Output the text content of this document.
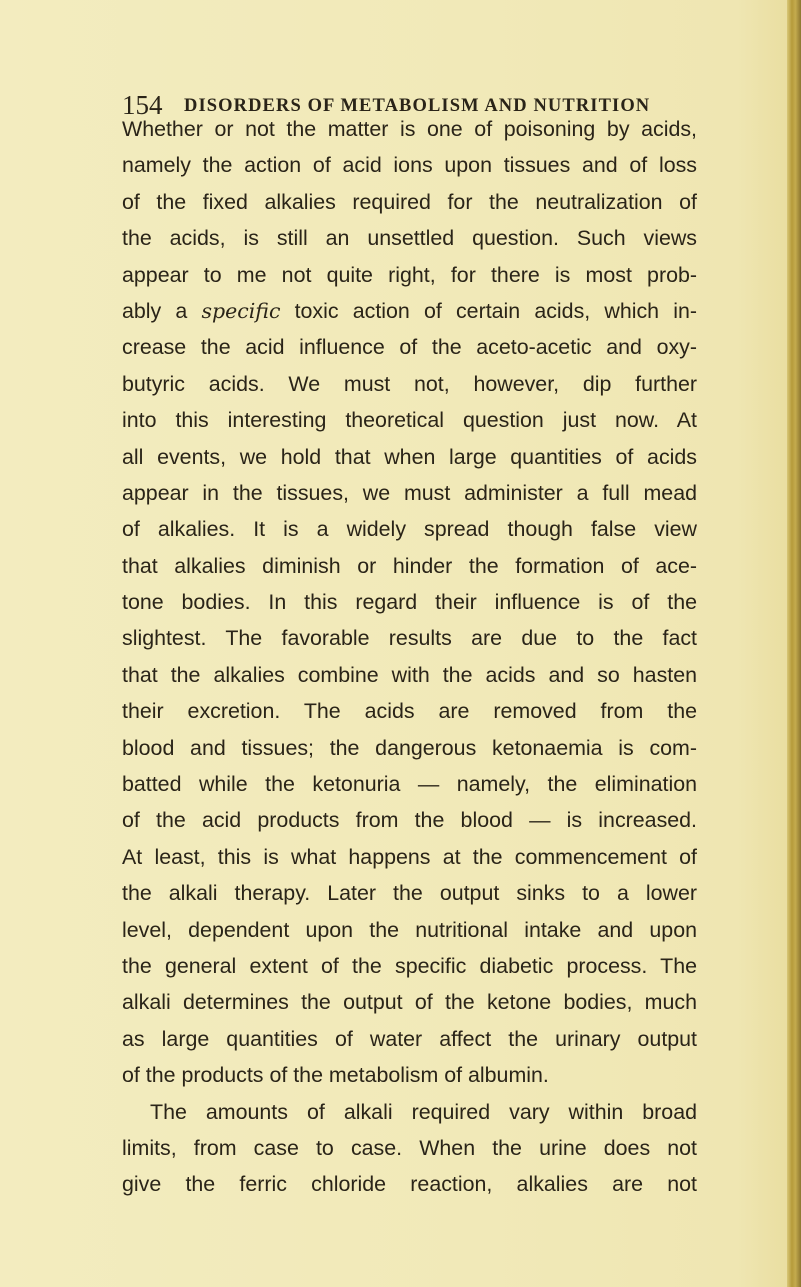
154 DISORDERS OF METABOLISM AND NUTRITION
Whether or not the matter is one of poisoning by acids,
namely the action of acid ions upon tissues and of loss
of the fixed alkalies required for the neutralization of
the acids, is still an unsettled question. Such views
appear to me not quite right, for there is most prob-
ably a specific toxic action of certain acids, which in-
crease the acid influence of the aceto-acetic and oxy-
butyric acids. We must not, however, dip further
into this interesting theoretical question just now. At
all events, we hold that when large quantities of acids
appear in the tissues, we must administer a full mead
of alkalies. It is a widely spread though false view
that alkalies diminish or hinder the formation of ace-
tone bodies. In this regard their influence is of the
slightest. The favorable results are due to the fact
that the alkalies combine with the acids and so hasten
their excretion. The acids are removed from the
blood and tissues; the dangerous ketonaemia is com-
batted while the ketonuria — namely, the elimination
of the acid products from the blood — is increased.
At least, this is what happens at the commencement of
the alkali therapy. Later the output sinks to a lower
level, dependent upon the nutritional intake and upon
the general extent of the specific diabetic process. The
alkali determines the output of the ketone bodies, much
as large quantities of water affect the urinary output
of the products of the metabolism of albumin.
The amounts of alkali required vary within broad
limits, from case to case. When the urine does not
give the ferric chloride reaction, alkalies are not
